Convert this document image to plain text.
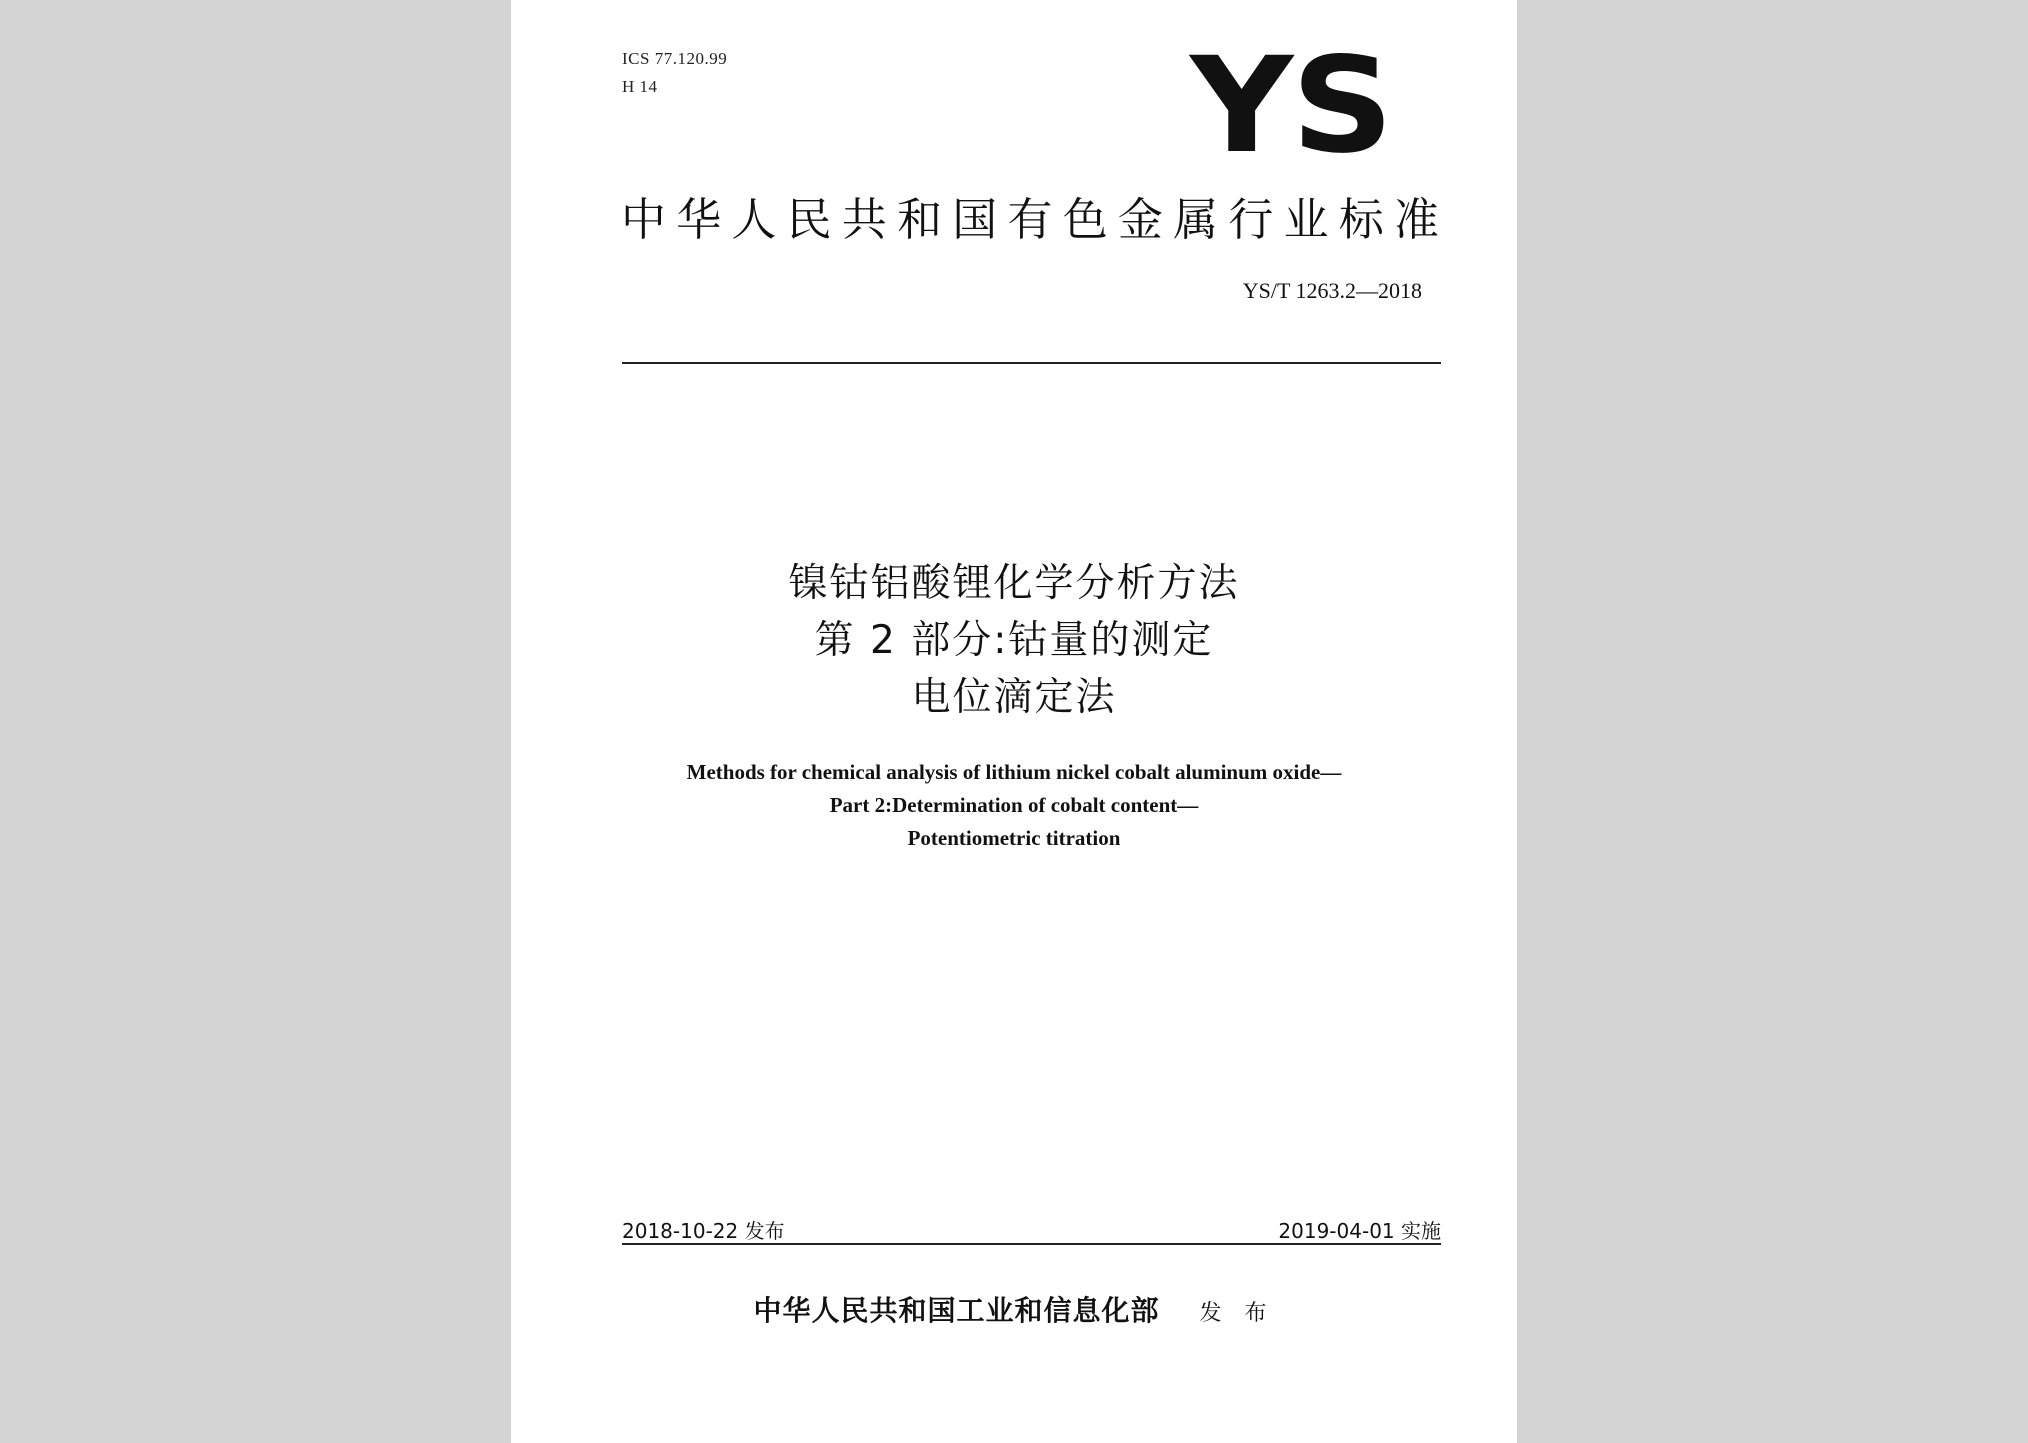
ICS 77.120.99
H 14	YS
中华人民共和国有色金属行业标准
YS/T 1263.2—2018
镍钴铝酸锂化学分析方法
第 2 部分:钴量的测定
电位滴定法
Methods for chemical analysis of lithium nickel cobalt aluminum oxide—
Part 2:Determination of cobalt content—
Potentiometric titration
2018-10-22 发布	2019-04-01 实施
中华人民共和国工业和信息化部 发 布
